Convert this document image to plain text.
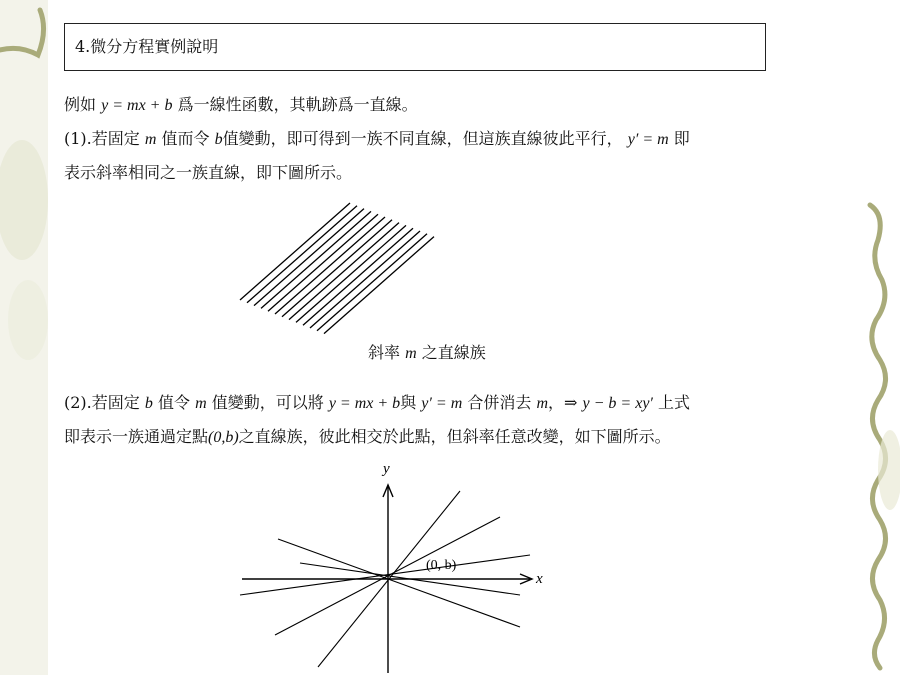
4.微分方程實例說明
例如 y = mx + b 爲一線性函數，其軌跡爲一直線。
(1).若固定 m 值而令 b值變動，即可得到一族不同直線，但這族直線彼此平行， y′ = m 即
表示斜率相同之一族直線，即下圖所示。
斜率 m 之直線族
(2).若固定 b 值令 m 值變動，可以將 y = mx + b與 y′ = m 合併消去 m，⇒ y − b = xy′ 上式
即表示一族通過定點(0,b)之直線族，彼此相交於此點，但斜率任意改變，如下圖所示。
x
y
(0, b)
